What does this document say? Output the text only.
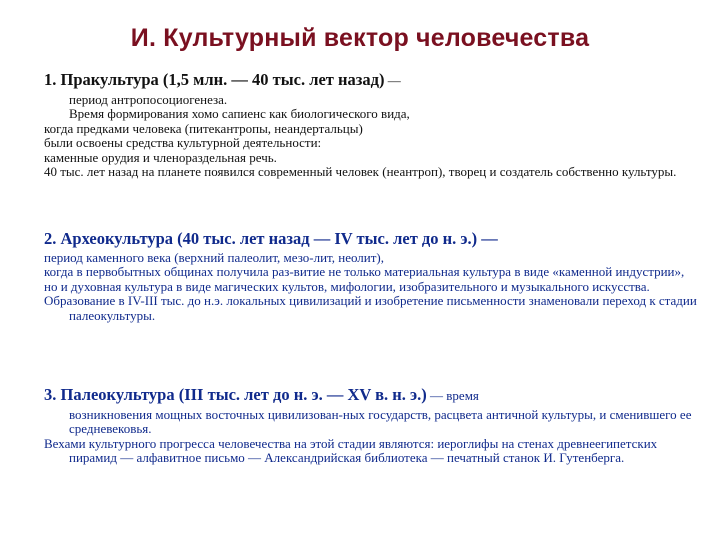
И. Культурный вектор человечества
1. Пракультура (1,5 млн. — 40 тыс. лет назад) —
период антропосоциогенеза.
Время формирования хомо сапиенс как биологического вида,
когда предками человека (питекантропы, неандертальцы)
были освоены средства культурной деятельности:
каменные орудия и членораздельная речь.
40 тыс. лет назад на планете появился современный человек (неантроп), творец и создатель собственно культуры.
2. Археокультура (40 тыс. лет назад — IV тыс. лет до н. э.) —
период каменного века (верхний палеолит, мезо-лит, неолит),
когда в первобытных общинах получила раз-витие не только материальная культура в виде «каменной индустрии»,
но и духовная культура в виде магических культов, мифологии, изобразительного и музыкального искусства.
Образование в IV-III тыс. до н.э. локальных цивилизаций и изобретение письменности знаменовали переход к стадии палеокультуры.
3. Палеокультура (III тыс. лет до н. э. — XV в. н. э.) — время
возникновения мощных восточных цивилизован-ных государств, расцвета античной культуры, и сменившего ее средневековья.
Вехами культурного прогресса человечества на этой стадии являются: иероглифы на стенах древнеегипетских пирамид — алфавитное письмо — Александрийская библиотека — печатный станок И. Гутенберга.
